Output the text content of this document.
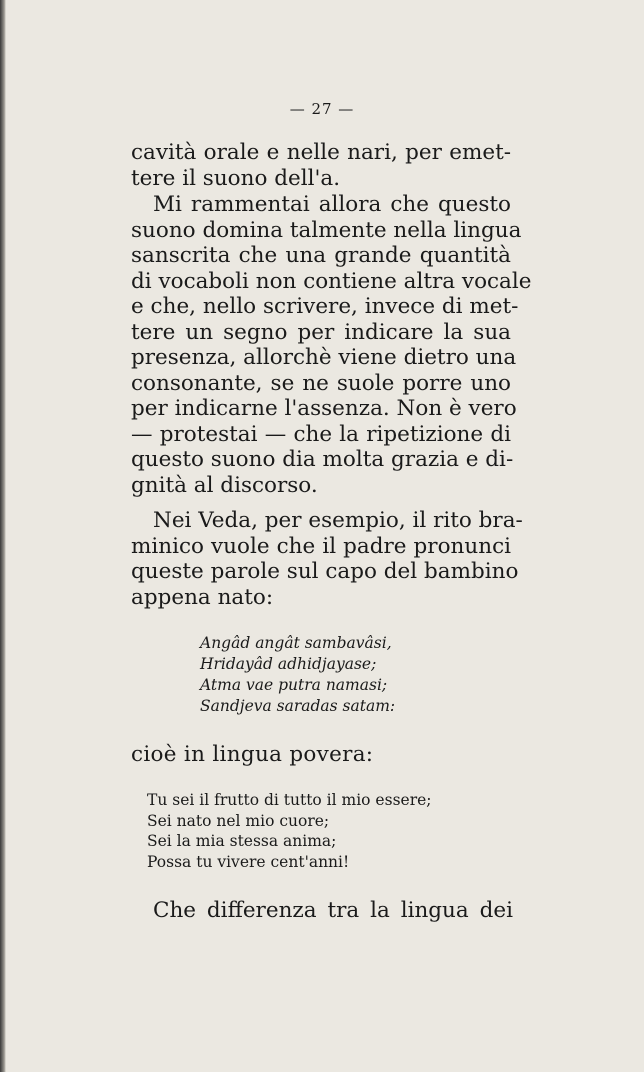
— 27 —
cavità orale e nelle nari, per emet-
tere il suono dell'a.
Mi rammentai allora che questo
suono domina talmente nella lingua
sanscrita che una grande quantità
di vocaboli non contiene altra vocale
e che, nello scrivere, invece di met-
tere un segno per indicare la sua
presenza, allorchè viene dietro una
consonante, se ne suole porre uno
per indicarne l'assenza. Non è vero
— protestai — che la ripetizione di
questo suono dia molta grazia e di-
gnità al discorso.
Nei Veda, per esempio, il rito bra-
minico vuole che il padre pronunci
queste parole sul capo del bambino
appena nato:
Angâd angât sambavâsi,
Hridayâd adhidjayase;
Atma vae putra namasi;
Sandjeva saradas satam:
cioè in lingua povera:
Tu sei il frutto di tutto il mio essere;
Sei nato nel mio cuore;
Sei la mia stessa anima;
Possa tu vivere cent'anni!
Che differenza tra la lingua dei
